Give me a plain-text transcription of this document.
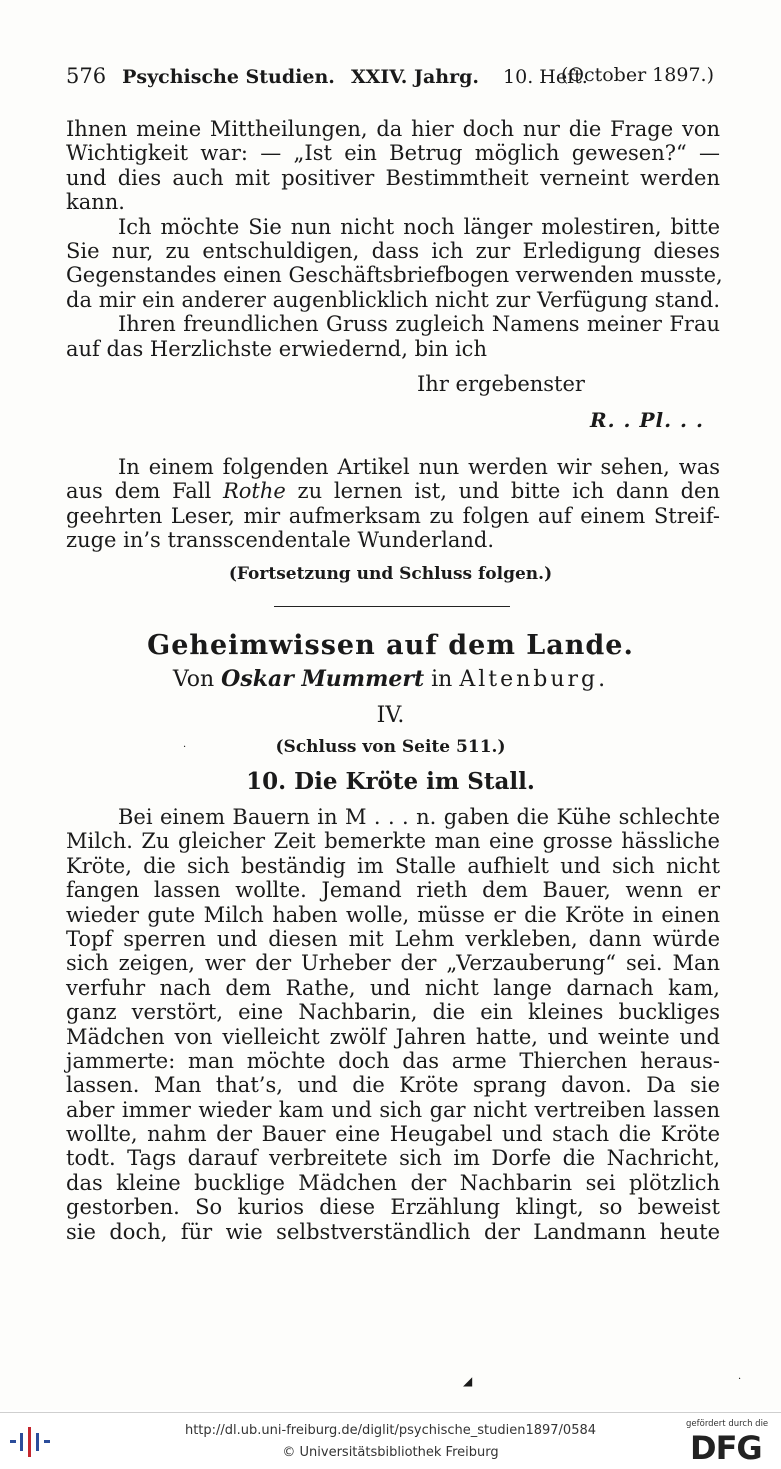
576 Psychische Studien. XXIV. Jahrg. 10. Heft.
(October 1897.)
Ihnen meine Mittheilungen, da hier doch nur die Frage von
Wichtigkeit war: — „Ist ein Betrug möglich gewesen?“ —
und dies auch mit positiver Bestimmtheit verneint werden
kann.
Ich möchte Sie nun nicht noch länger molestiren, bitte
Sie nur, zu entschuldigen, dass ich zur Erledigung dieses
Gegenstandes einen Geschäftsbriefbogen verwenden musste,
da mir ein anderer augenblicklich nicht zur Verfügung stand.
Ihren freundlichen Gruss zugleich Namens meiner Frau
auf das Herzlichste erwiedernd, bin ich
Ihr ergebenster
R. . Pl. . .
In einem folgenden Artikel nun werden wir sehen, was
aus dem Fall Rothe zu lernen ist, und bitte ich dann den
geehrten Leser, mir aufmerksam zu folgen auf einem Streif-
zuge in’s transscendentale Wunderland.
(Fortsetzung und Schluss folgen.)
Geheimwissen auf dem Lande.
Von Oskar Mummert in Altenburg.
IV.
·	(Schluss von Seite 511.)
10. Die Kröte im Stall.
Bei einem Bauern in M . . . n. gaben die Kühe schlechte
Milch. Zu gleicher Zeit bemerkte man eine grosse hässliche
Kröte, die sich beständig im Stalle aufhielt und sich nicht
fangen lassen wollte. Jemand rieth dem Bauer, wenn er
wieder gute Milch haben wolle, müsse er die Kröte in einen
Topf sperren und diesen mit Lehm verkleben, dann würde
sich zeigen, wer der Urheber der „Verzauberung“ sei. Man
verfuhr nach dem Rathe, und nicht lange darnach kam,
ganz verstört, eine Nachbarin, die ein kleines buckliges
Mädchen von vielleicht zwölf Jahren hatte, und weinte und
jammerte: man möchte doch das arme Thierchen heraus-
lassen. Man that’s, und die Kröte sprang davon. Da sie
aber immer wieder kam und sich gar nicht vertreiben lassen
wollte, nahm der Bauer eine Heugabel und stach die Kröte
todt. Tags darauf verbreitete sich im Dorfe die Nachricht,
das kleine bucklige Mädchen der Nachbarin sei plötzlich
gestorben. So kurios diese Erzählung klingt, so beweist
sie doch, für wie selbstverständlich der Landmann heute
◢	·
http://dl.ub.uni-freiburg.de/diglit/psychische_studien1897/0584
© Universitätsbibliothek Freiburg
gefördert durch die
DFG
